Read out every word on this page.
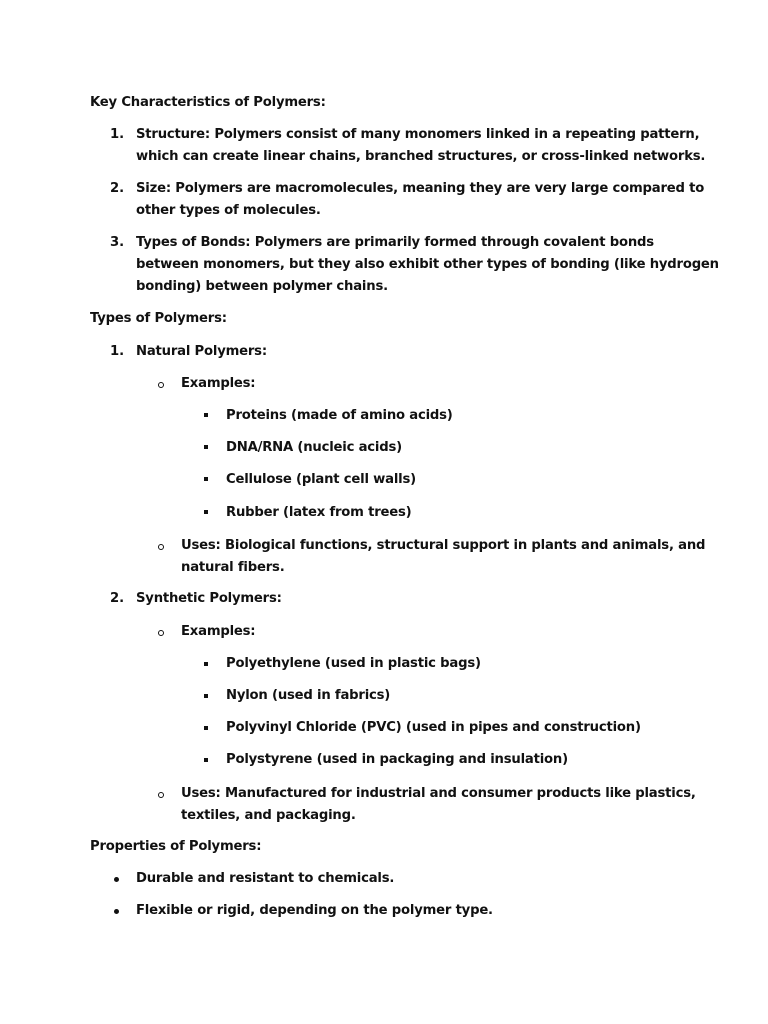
Key Characteristics of Polymers:
1. Structure: Polymers consist of many monomers linked in a repeating pattern,
which can create linear chains, branched structures, or cross-linked networks.
2. Size: Polymers are macromolecules, meaning they are very large compared to
other types of molecules.
3. Types of Bonds: Polymers are primarily formed through covalent bonds
between monomers, but they also exhibit other types of bonding (like hydrogen
bonding) between polymer chains.
Types of Polymers:
1. Natural Polymers:
Examples:
Proteins (made of amino acids)
DNA/RNA (nucleic acids)
Cellulose (plant cell walls)
Rubber (latex from trees)
Uses: Biological functions, structural support in plants and animals, and
natural fibers.
2. Synthetic Polymers:
Examples:
Polyethylene (used in plastic bags)
Nylon (used in fabrics)
Polyvinyl Chloride (PVC) (used in pipes and construction)
Polystyrene (used in packaging and insulation)
Uses: Manufactured for industrial and consumer products like plastics,
textiles, and packaging.
Properties of Polymers:
Durable and resistant to chemicals.
Flexible or rigid, depending on the polymer type.
